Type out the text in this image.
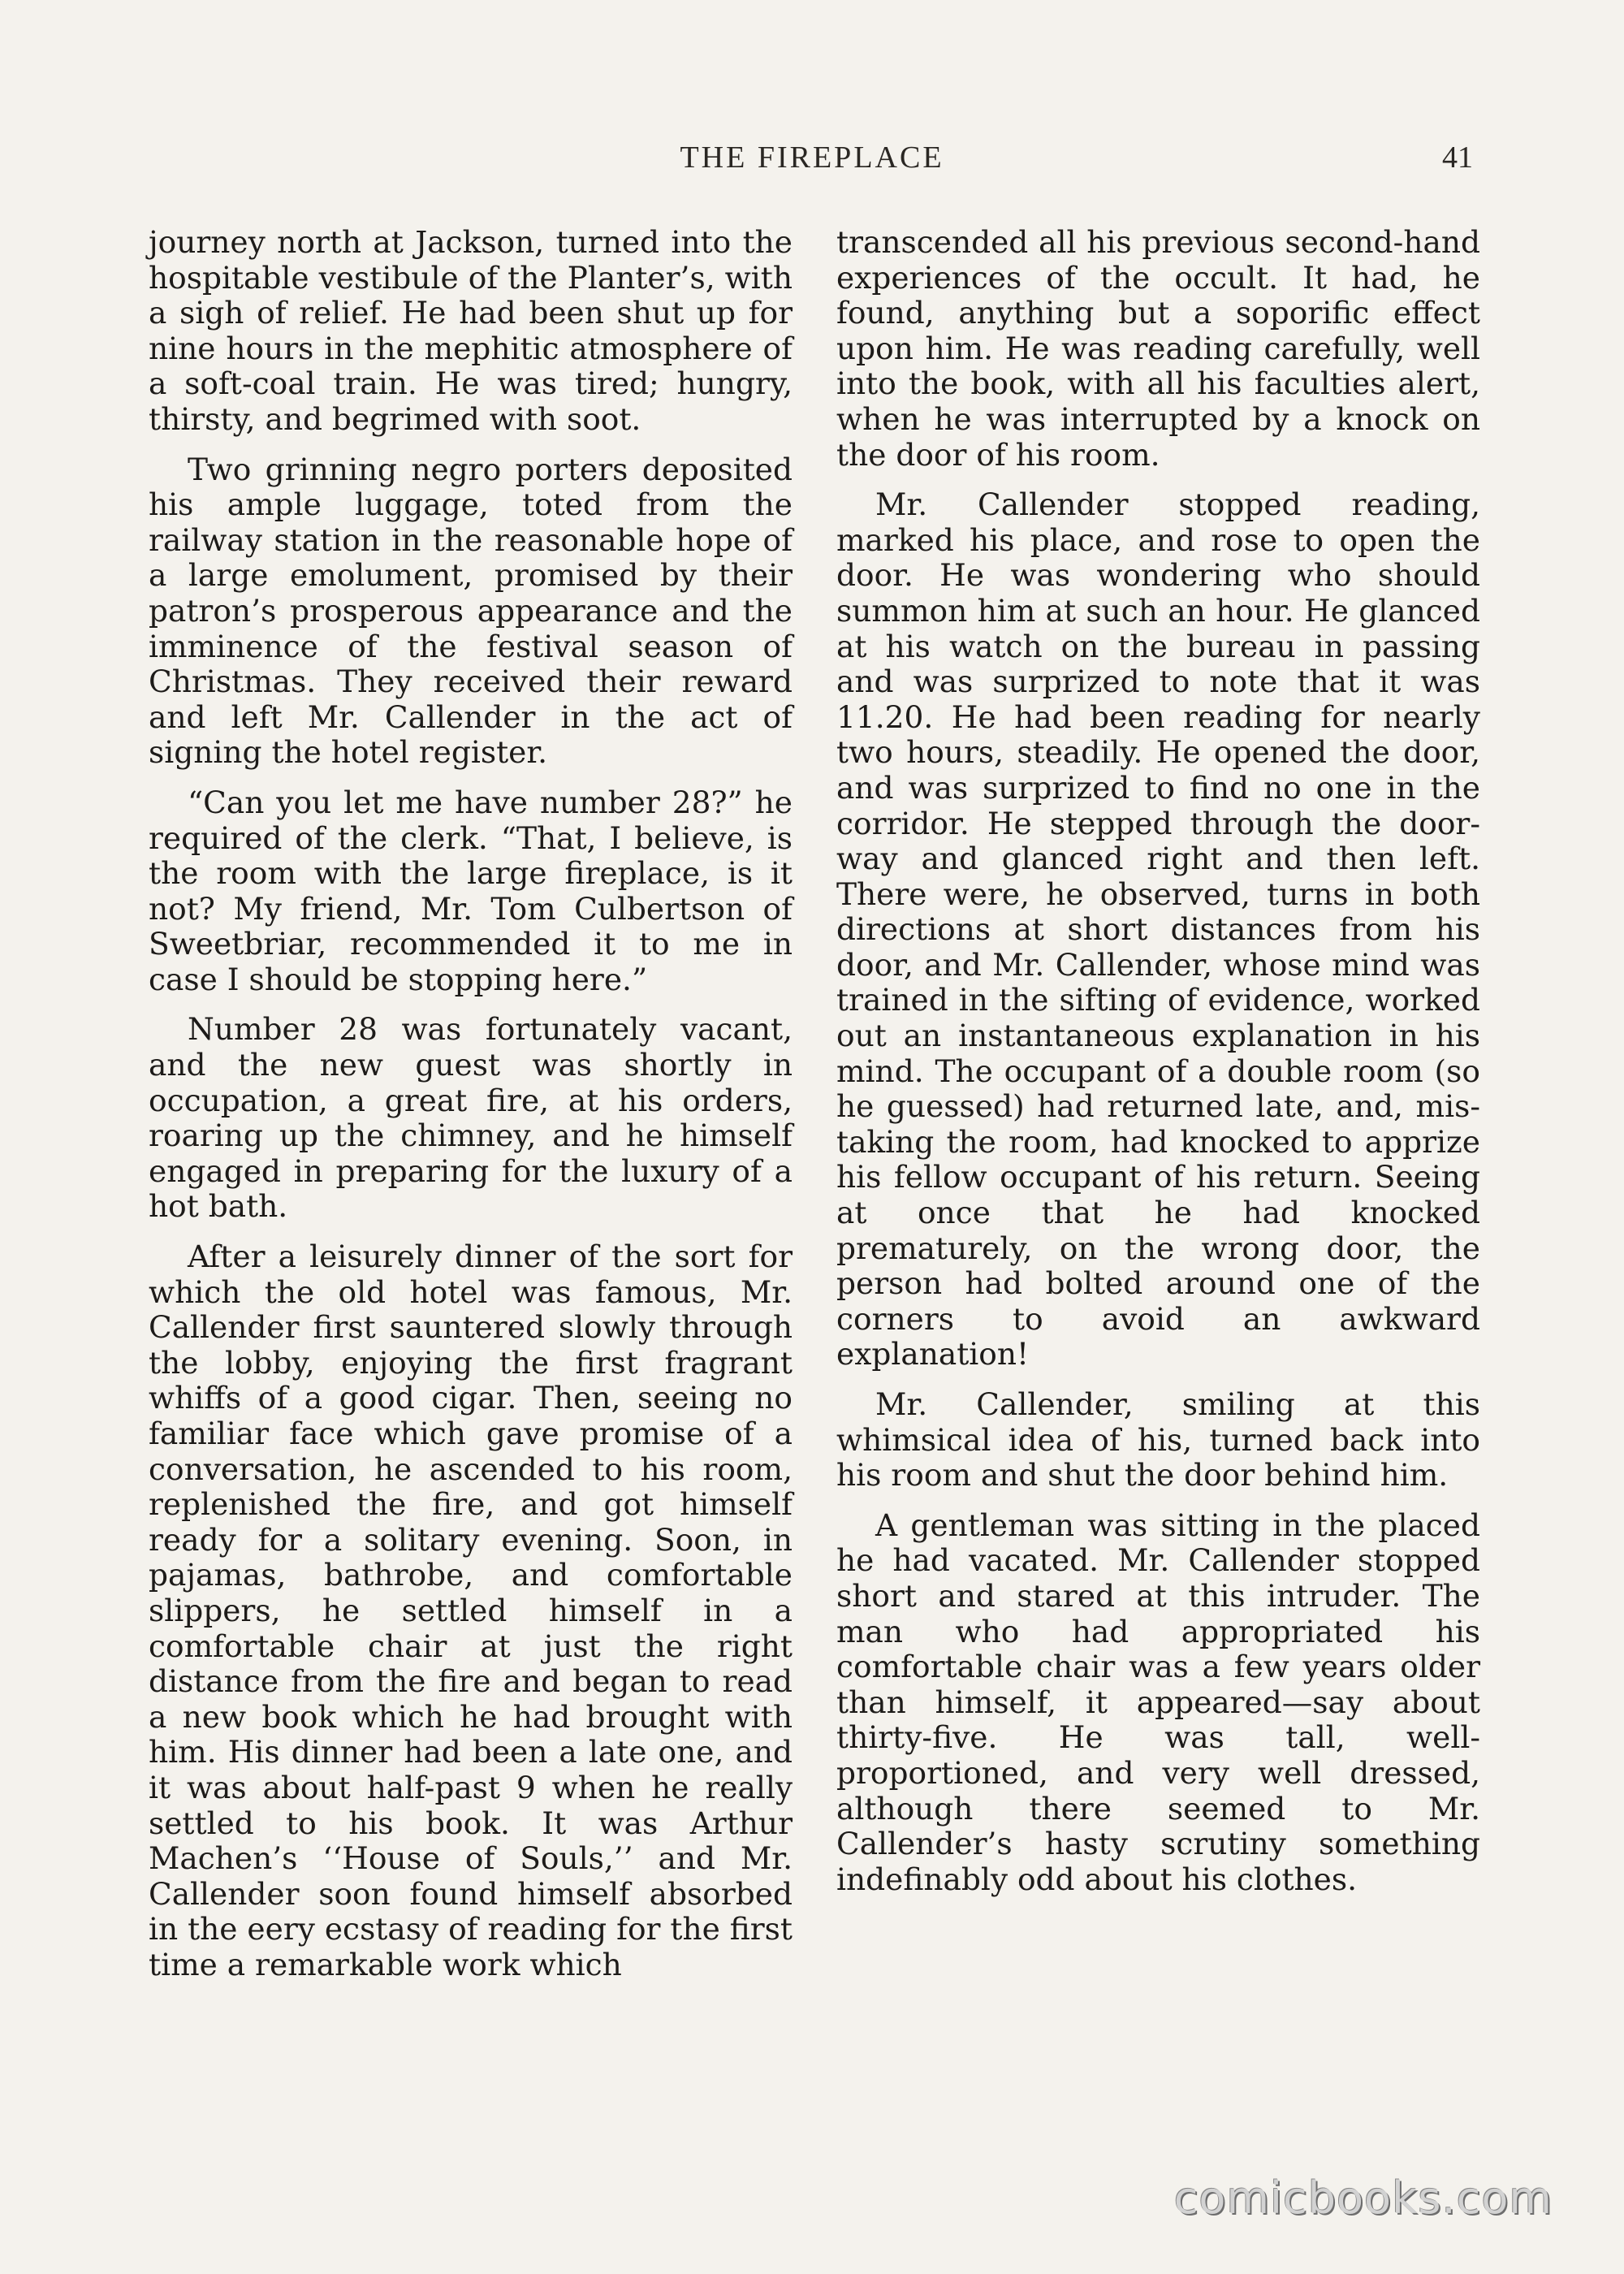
THE FIREPLACE	41

journey north at Jackson, turned into the hospitable vestibule of the Planter’s, with a sigh of relief. He had been shut up for nine hours in the mephitic atmosphere of a soft-coal train. He was tired; hungry, thirsty, and begrimed with soot.

Two grinning negro porters deposited his ample luggage, toted from the railway station in the reasonable hope of a large emolument, promised by their patron’s prosperous appearance and the imminence of the festival season of Christmas. They received their reward and left Mr. Callender in the act of signing the hotel register.

“Can you let me have number 28?” he required of the clerk. “That, I believe, is the room with the large fireplace, is it not? My friend, Mr. Tom Culbertson of Sweetbriar, recommended it to me in case I should be stopping here.”

Number 28 was fortunately vacant, and the new guest was shortly in occupation, a great fire, at his orders, roaring up the chimney, and he himself engaged in preparing for the luxury of a hot bath.

After a leisurely dinner of the sort for which the old hotel was famous, Mr. Callender first sauntered slowly through the lobby, enjoying the first fragrant whiffs of a good cigar. Then, seeing no familiar face which gave promise of a conversation, he ascended to his room, replenished the fire, and got himself ready for a solitary evening. Soon, in pajamas, bathrobe, and comfortable slippers, he settled himself in a comfortable chair at just the right distance from the fire and began to read a new book which he had brought with him. His dinner had been a late one, and it was about half-past 9 when he really settled to his book. It was Arthur Machen’s ‘‘House of Souls,’’ and Mr. Callender soon found himself absorbed in the eery ecstasy of reading for the first time a remarkable work which

transcended all his previous second-hand experiences of the occult. It had, he found, anything but a soporific effect upon him. He was reading carefully, well into the book, with all his faculties alert, when he was interrupted by a knock on the door of his room.

Mr. Callender stopped reading, marked his place, and rose to open the door. He was wondering who should summon him at such an hour. He glanced at his watch on the bureau in passing and was surprized to note that it was 11.20. He had been reading for nearly two hours, steadily. He opened the door, and was surprized to find no one in the corridor. He stepped through the doorway and glanced right and then left. There were, he observed, turns in both directions at short distances from his door, and Mr. Callender, whose mind was trained in the sifting of evidence, worked out an instantaneous explanation in his mind. The occupant of a double room (so he guessed) had returned late, and, mistaking the room, had knocked to apprize his fellow occupant of his return. Seeing at once that he had knocked prematurely, on the wrong door, the person had bolted around one of the corners to avoid an awkward explanation!

Mr. Callender, smiling at this whimsical idea of his, turned back into his room and shut the door behind him.

A gentleman was sitting in the placed he had vacated. Mr. Callender stopped short and stared at this intruder. The man who had appropriated his comfortable chair was a few years older than himself, it appeared—say about thirty-five. He was tall, well-proportioned, and very well dressed, although there seemed to Mr. Callender’s hasty scrutiny something indefinably odd about his clothes.

comicbooks.com
